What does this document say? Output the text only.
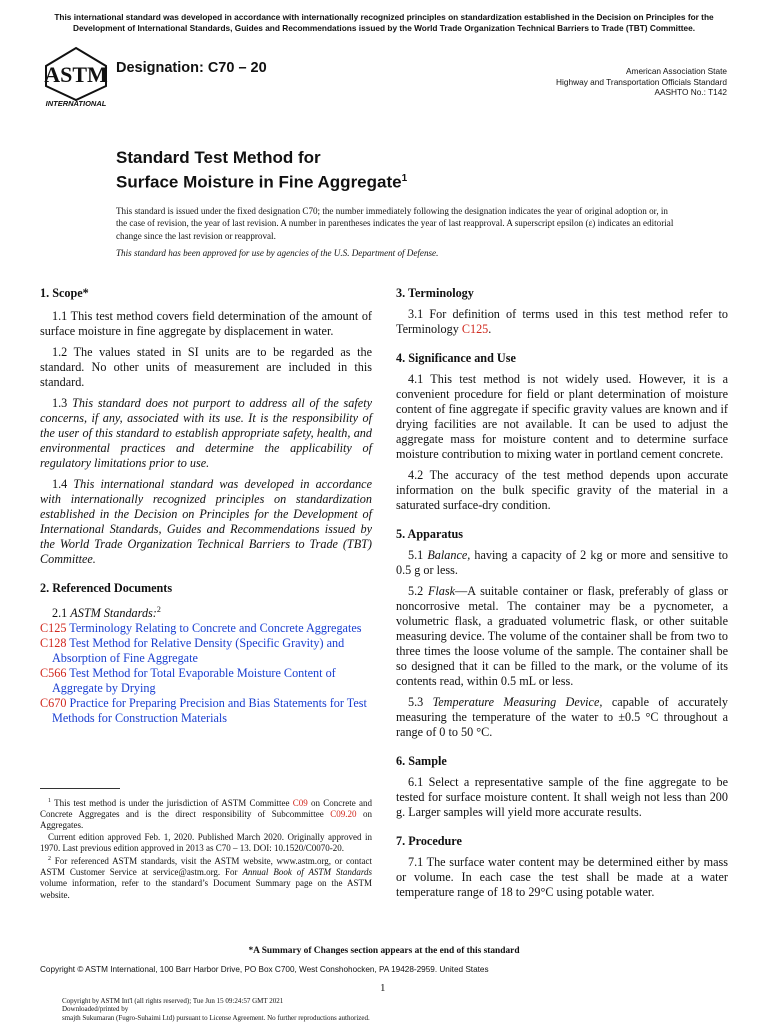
This international standard was developed in accordance with internationally recognized principles on standardization established in the Decision on Principles for the Development of International Standards, Guides and Recommendations issued by the World Trade Organization Technical Barriers to Trade (TBT) Committee.
ASTM
INTERNATIONAL
Designation: C70 – 20	American Association State
Highway and Transportation Officials Standard
AASHTO No.: T142
Standard Test Method for
Surface Moisture in Fine Aggregate$^1$
This standard is issued under the fixed designation C70; the number immediately following the designation indicates the year of original adoption or, in the case of revision, the year of last revision. A number in parentheses indicates the year of last reapproval. A superscript epsilon (ε) indicates an editorial change since the last revision or reapproval.
This standard has been approved for use by agencies of the U.S. Department of Defense.
1. Scope*

1.1 This test method covers field determination of the amount of surface moisture in fine aggregate by displacement in water.

1.2 The values stated in SI units are to be regarded as the standard. No other units of measurement are included in this standard.

1.3 This standard does not purport to address all of the safety concerns, if any, associated with its use. It is the responsibility of the user of this standard to establish appropriate safety, health, and environmental practices and determine the applicability of regulatory limitations prior to use.

1.4 This international standard was developed in accordance with internationally recognized principles on standardization established in the Decision on Principles for the Development of International Standards, Guides and Recommendations issued by the World Trade Organization Technical Barriers to Trade (TBT) Committee.

2. Referenced Documents

2.1 ASTM Standards:$^2$

C125 Terminology Relating to Concrete and Concrete Aggregates
C128 Test Method for Relative Density (Specific Gravity) and Absorption of Fine Aggregate
C566 Test Method for Total Evaporable Moisture Content of Aggregate by Drying
C670 Practice for Preparing Precision and Bias Statements for Test Methods for Construction Materials

$^1$ This test method is under the jurisdiction of ASTM Committee C09 on Concrete and Concrete Aggregates and is the direct responsibility of Subcommittee C09.20 on Aggregates.

Current edition approved Feb. 1, 2020. Published March 2020. Originally approved in 1970. Last previous edition approved in 2013 as C70 – 13. DOI: 10.1520/C0070-20.

$^2$ For referenced ASTM standards, visit the ASTM website, www.astm.org, or contact ASTM Customer Service at service@astm.org. For Annual Book of ASTM Standards volume information, refer to the standard’s Document Summary page on the ASTM website.

3. Terminology

3.1 For definition of terms used in this test method refer to Terminology C125.

4. Significance and Use

4.1 This test method is not widely used. However, it is a convenient procedure for field or plant determination of moisture content of fine aggregate if specific gravity values are known and if drying facilities are not available. It can be used to adjust the aggregate mass for moisture content and to determine surface moisture contribution to mixing water in portland cement concrete.

4.2 The accuracy of the test method depends upon accurate information on the bulk specific gravity of the material in a saturated surface-dry condition.

5. Apparatus

5.1 Balance, having a capacity of 2 kg or more and sensitive to 0.5 g or less.

5.2 Flask—A suitable container or flask, preferably of glass or noncorrosive metal. The container may be a pycnometer, a volumetric flask, a graduated volumetric flask, or other suitable measuring device. The volume of the container shall be from two to three times the loose volume of the sample. The container shall be so designed that it can be filled to the mark, or the volume of its contents read, within 0.5 mL or less.

5.3 Temperature Measuring Device, capable of accurately measuring the temperature of the water to ±0.5 °C throughout a range of 0 to 50 °C.

6. Sample

6.1 Select a representative sample of the fine aggregate to be tested for surface moisture content. It shall weigh not less than 200 g. Larger samples will yield more accurate results.

7. Procedure

7.1 The surface water content may be determined either by mass or volume. In each case the test shall be made at a water temperature range of 18 to 29°C using potable water.

*A Summary of Changes section appears at the end of this standard
Copyright © ASTM International, 100 Barr Harbor Drive, PO Box C700, West Conshohocken, PA 19428-2959. United States
1
Copyright by ASTM Int'l (all rights reserved); Tue Jun 15 09:24:57 GMT 2021
Downloaded/printed by
smajth Sukumaran (Fugro-Suhaimi Ltd) pursuant to License Agreement. No further reproductions authorized.
